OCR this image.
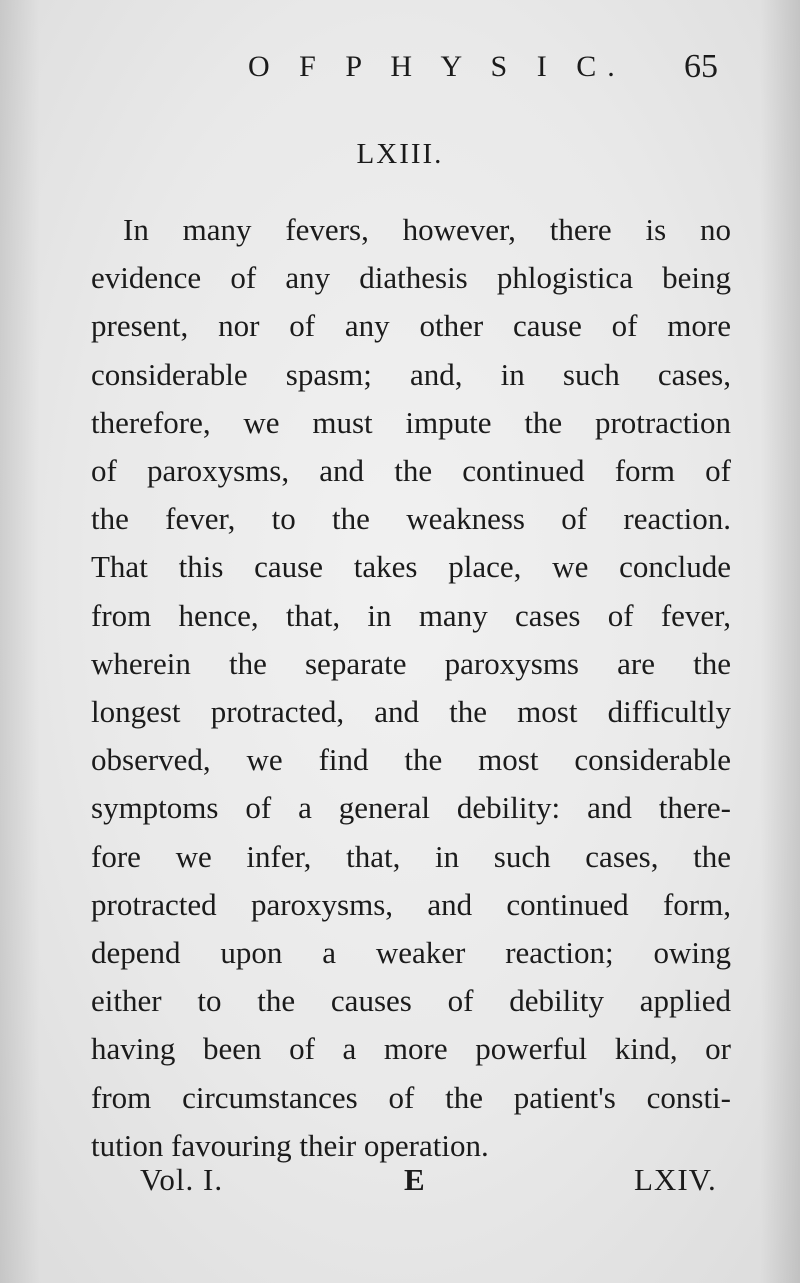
O F P H Y S I C. 65
LXIII.
In many fevers, however, there is no
evidence of any diathesis phlogistica being
present, nor of any other cause of more
considerable spasm; and, in such cases,
therefore, we must impute the protraction
of paroxysms, and the continued form of
the fever, to the weakness of reaction.
That this cause takes place, we conclude
from hence, that, in many cases of fever,
wherein the separate paroxysms are the
longest protracted, and the most difficultly
observed, we find the most considerable
symptoms of a general debility: and there-
fore we infer, that, in such cases, the
protracted paroxysms, and continued form,
depend upon a weaker reaction; owing
either to the causes of debility applied
having been of a more powerful kind, or
from circumstances of the patient's consti-
tution favouring their operation.
Vol. I.	E	LXIV.
